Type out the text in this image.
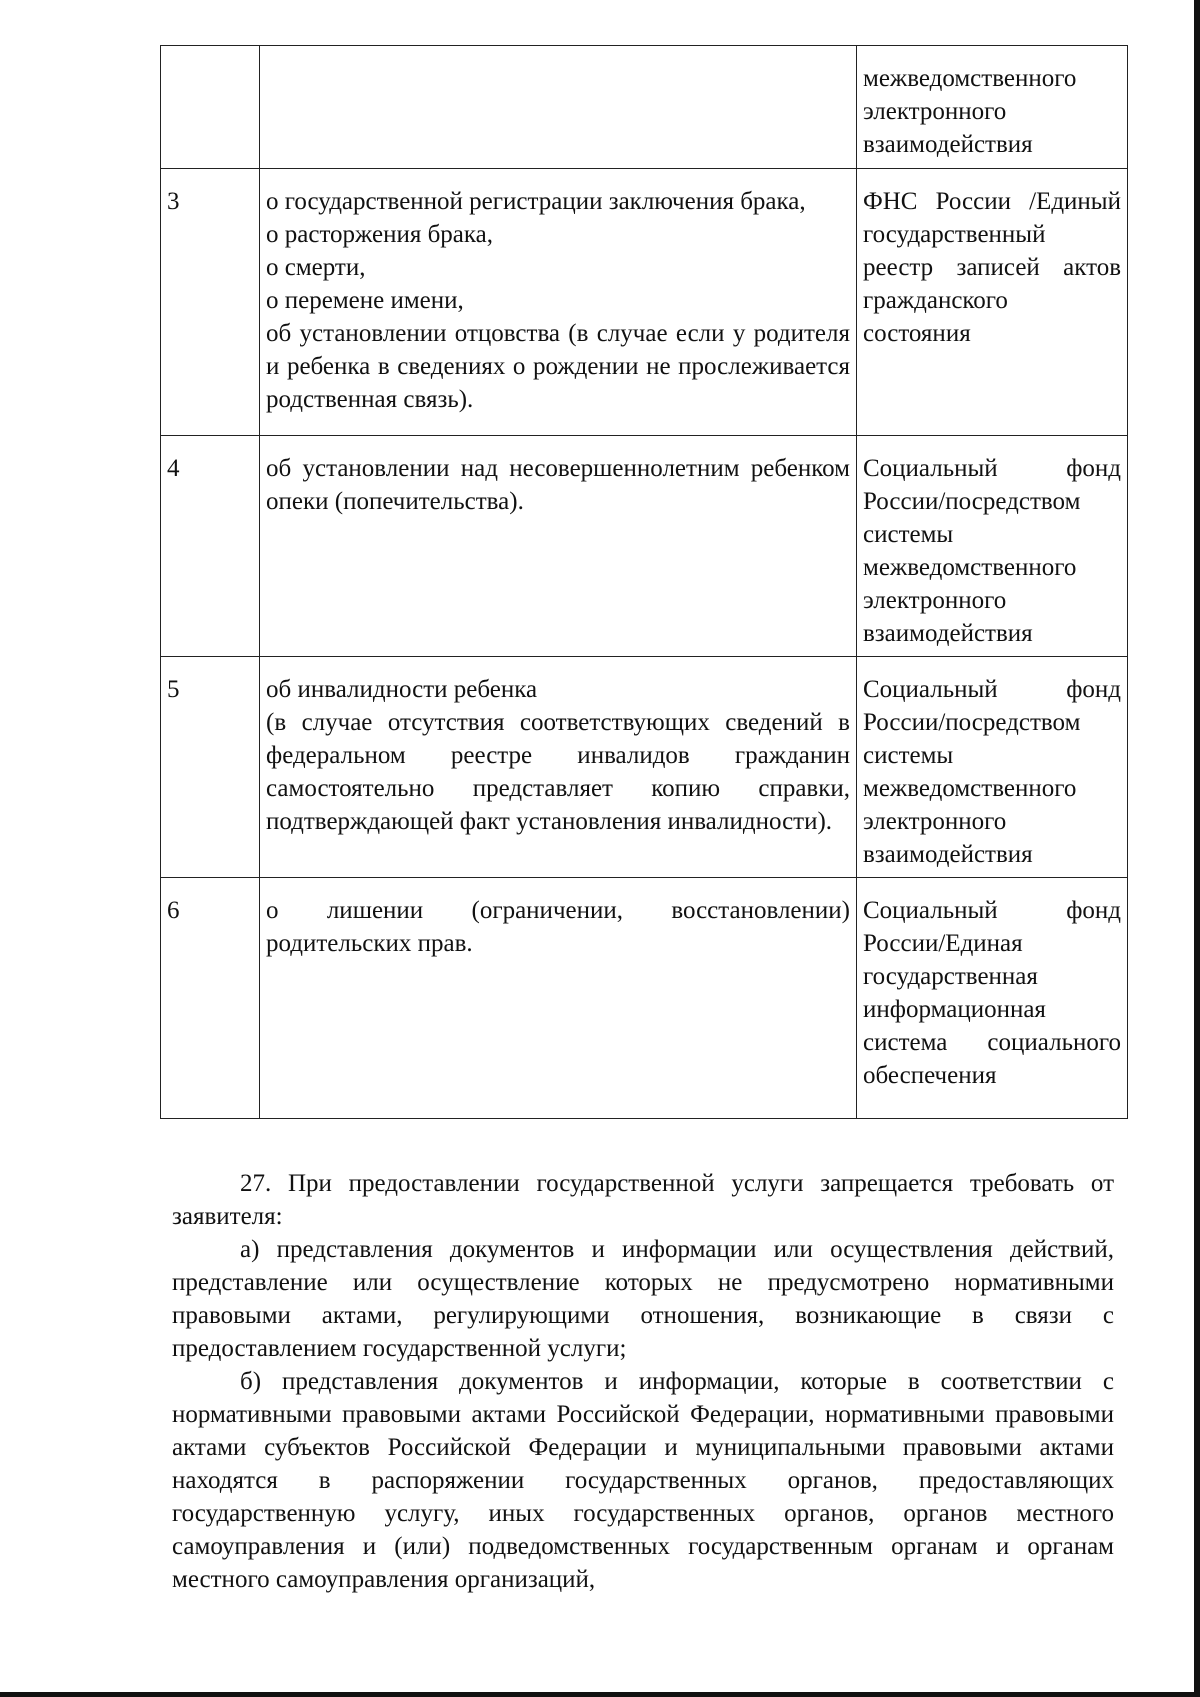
		межведомственного
электронного
взаимодействия

3	о государственной регистрации заключения брака,
о расторжения брака,
о смерти,
о перемене имени,
об установлении отцовства (в случае если у родителя и ребенка в сведениях о рождении не прослеживается родственная связь).	ФНС России /Единый государственный реестр записей актов гражданского состояния

4	об установлении над несовершеннолетним ребенком опеки (попечительства).	Социальный фонд России/посредством системы межведомственного электронного взаимодействия

5	об инвалидности ребенка
(в случае отсутствия соответствующих сведений в федеральном реестре инвалидов гражданин самостоятельно представляет копию справки, подтверждающей факт установления инвалидности).	Социальный фонд России/посредством системы межведомственного электронного взаимодействия

6	о лишении (ограничении, восстановлении) родительских прав.	Социальный фонд России/Единая государственная информационная система социального обеспечения

27. При предоставлении государственной услуги запрещается требовать от заявителя:

а) представления документов и информации или осуществления действий, представление или осуществление которых не предусмотрено нормативными правовыми актами, регулирующими отношения, возникающие в связи с предоставлением государственной услуги;

б) представления документов и информации, которые в соответствии с нормативными правовыми актами Российской Федерации, нормативными правовыми актами субъектов Российской Федерации и муниципальными правовыми актами находятся в распоряжении государственных органов, предоставляющих государственную услугу, иных государственных органов, органов местного самоуправления и (или) подведомственных государственным органам и органам местного самоуправления организаций,
